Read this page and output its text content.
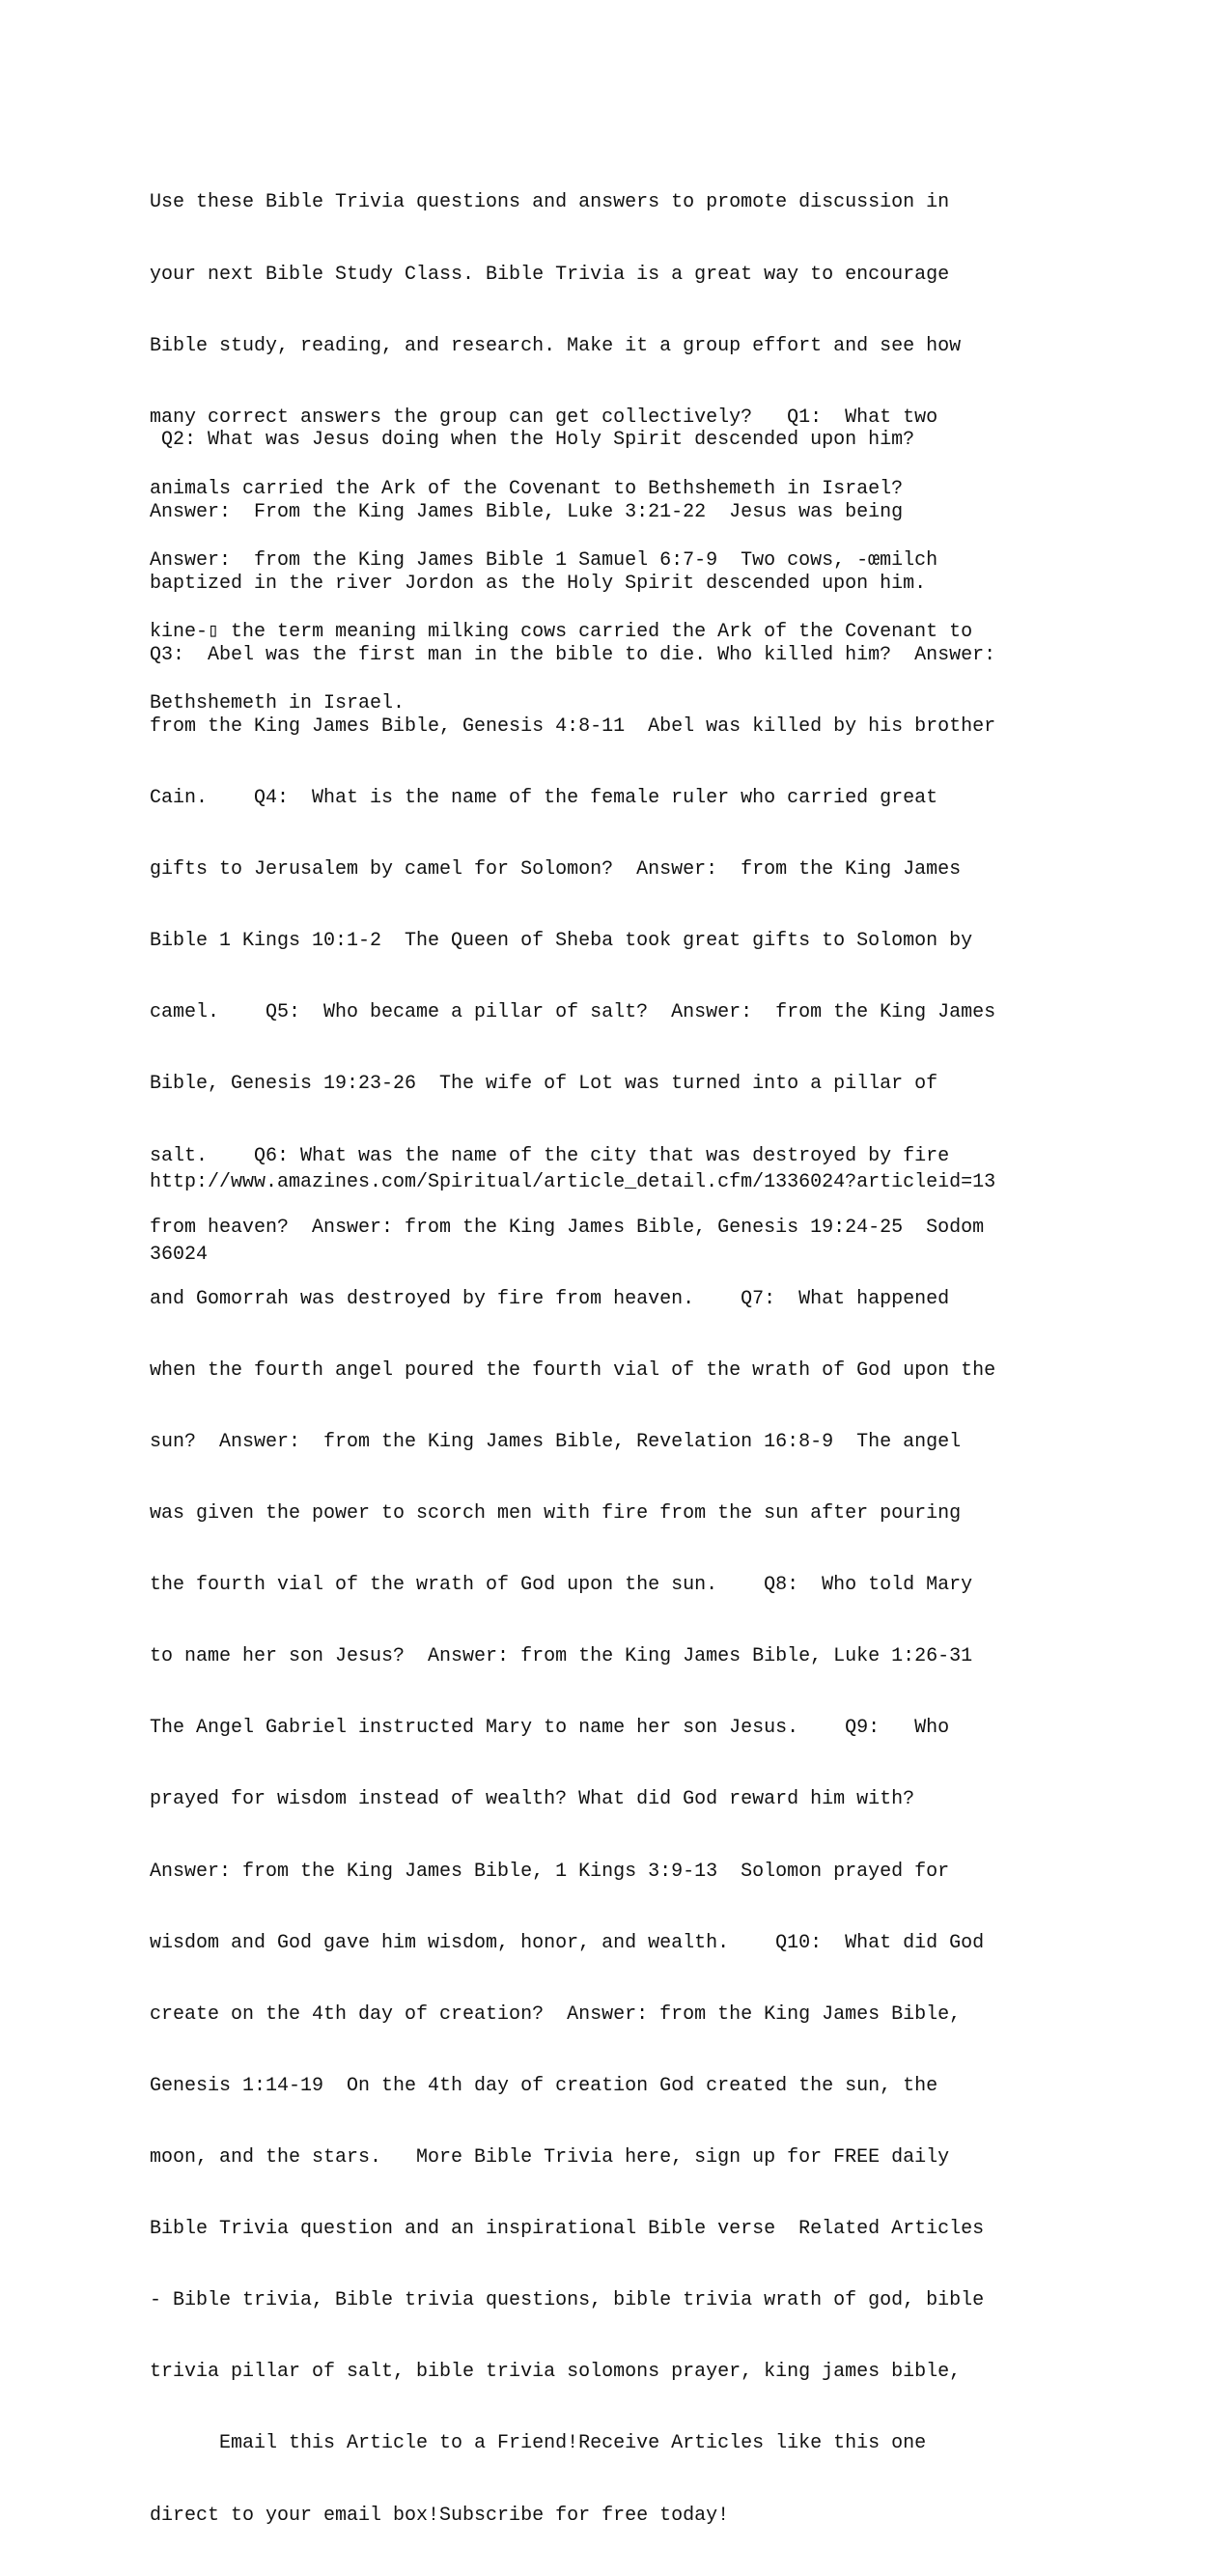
Use these Bible Trivia questions and answers to promote discussion in

your next Bible Study Class. Bible Trivia is a great way to encourage

Bible study, reading, and research. Make it a group effort and see how

many correct answers the group can get collectively?   Q1:  What two

animals carried the Ark of the Covenant to Bethshemeth in Israel?

Answer:  from the King James Bible 1 Samuel 6:7-9  Two cows, -œmilch

kine-▯ the term meaning milking cows carried the Ark of the Covenant to

Bethshemeth in Israel.

Q2: What was Jesus doing when the Holy Spirit descended upon him?

Answer:  From the King James Bible, Luke 3:21-22  Jesus was being

baptized in the river Jordon as the Holy Spirit descended upon him.

Q3:  Abel was the first man in the bible to die. Who killed him?  Answer:

from the King James Bible, Genesis 4:8-11  Abel was killed by his brother

Cain.    Q4:  What is the name of the female ruler who carried great

gifts to Jerusalem by camel for Solomon?  Answer:  from the King James

Bible 1 Kings 10:1-2  The Queen of Sheba took great gifts to Solomon by

camel.    Q5:  Who became a pillar of salt?  Answer:  from the King James

Bible, Genesis 19:23-26  The wife of Lot was turned into a pillar of

salt.    Q6: What was the name of the city that was destroyed by fire

from heaven?  Answer: from the King James Bible, Genesis 19:24-25  Sodom

and Gomorrah was destroyed by fire from heaven.    Q7:  What happened

when the fourth angel poured the fourth vial of the wrath of God upon the

sun?  Answer:  from the King James Bible, Revelation 16:8-9  The angel

was given the power to scorch men with fire from the sun after pouring

the fourth vial of the wrath of God upon the sun.    Q8:  Who told Mary

to name her son Jesus?  Answer: from the King James Bible, Luke 1:26-31

The Angel Gabriel instructed Mary to name her son Jesus.    Q9:   Who

prayed for wisdom instead of wealth? What did God reward him with?

Answer: from the King James Bible, 1 Kings 3:9-13  Solomon prayed for

wisdom and God gave him wisdom, honor, and wealth.    Q10:  What did God

create on the 4th day of creation?  Answer: from the King James Bible,

Genesis 1:14-19  On the 4th day of creation God created the sun, the

moon, and the stars.   More Bible Trivia here, sign up for FREE daily

Bible Trivia question and an inspirational Bible verse  Related Articles

- Bible trivia, Bible trivia questions, bible trivia wrath of god, bible

trivia pillar of salt, bible trivia solomons prayer, king james bible,

Email this Article to a Friend!Receive Articles like this one

direct to your email box!Subscribe for free today!

http://www.amazines.com/Spiritual/article_detail.cfm/1336024?articleid=13

36024
